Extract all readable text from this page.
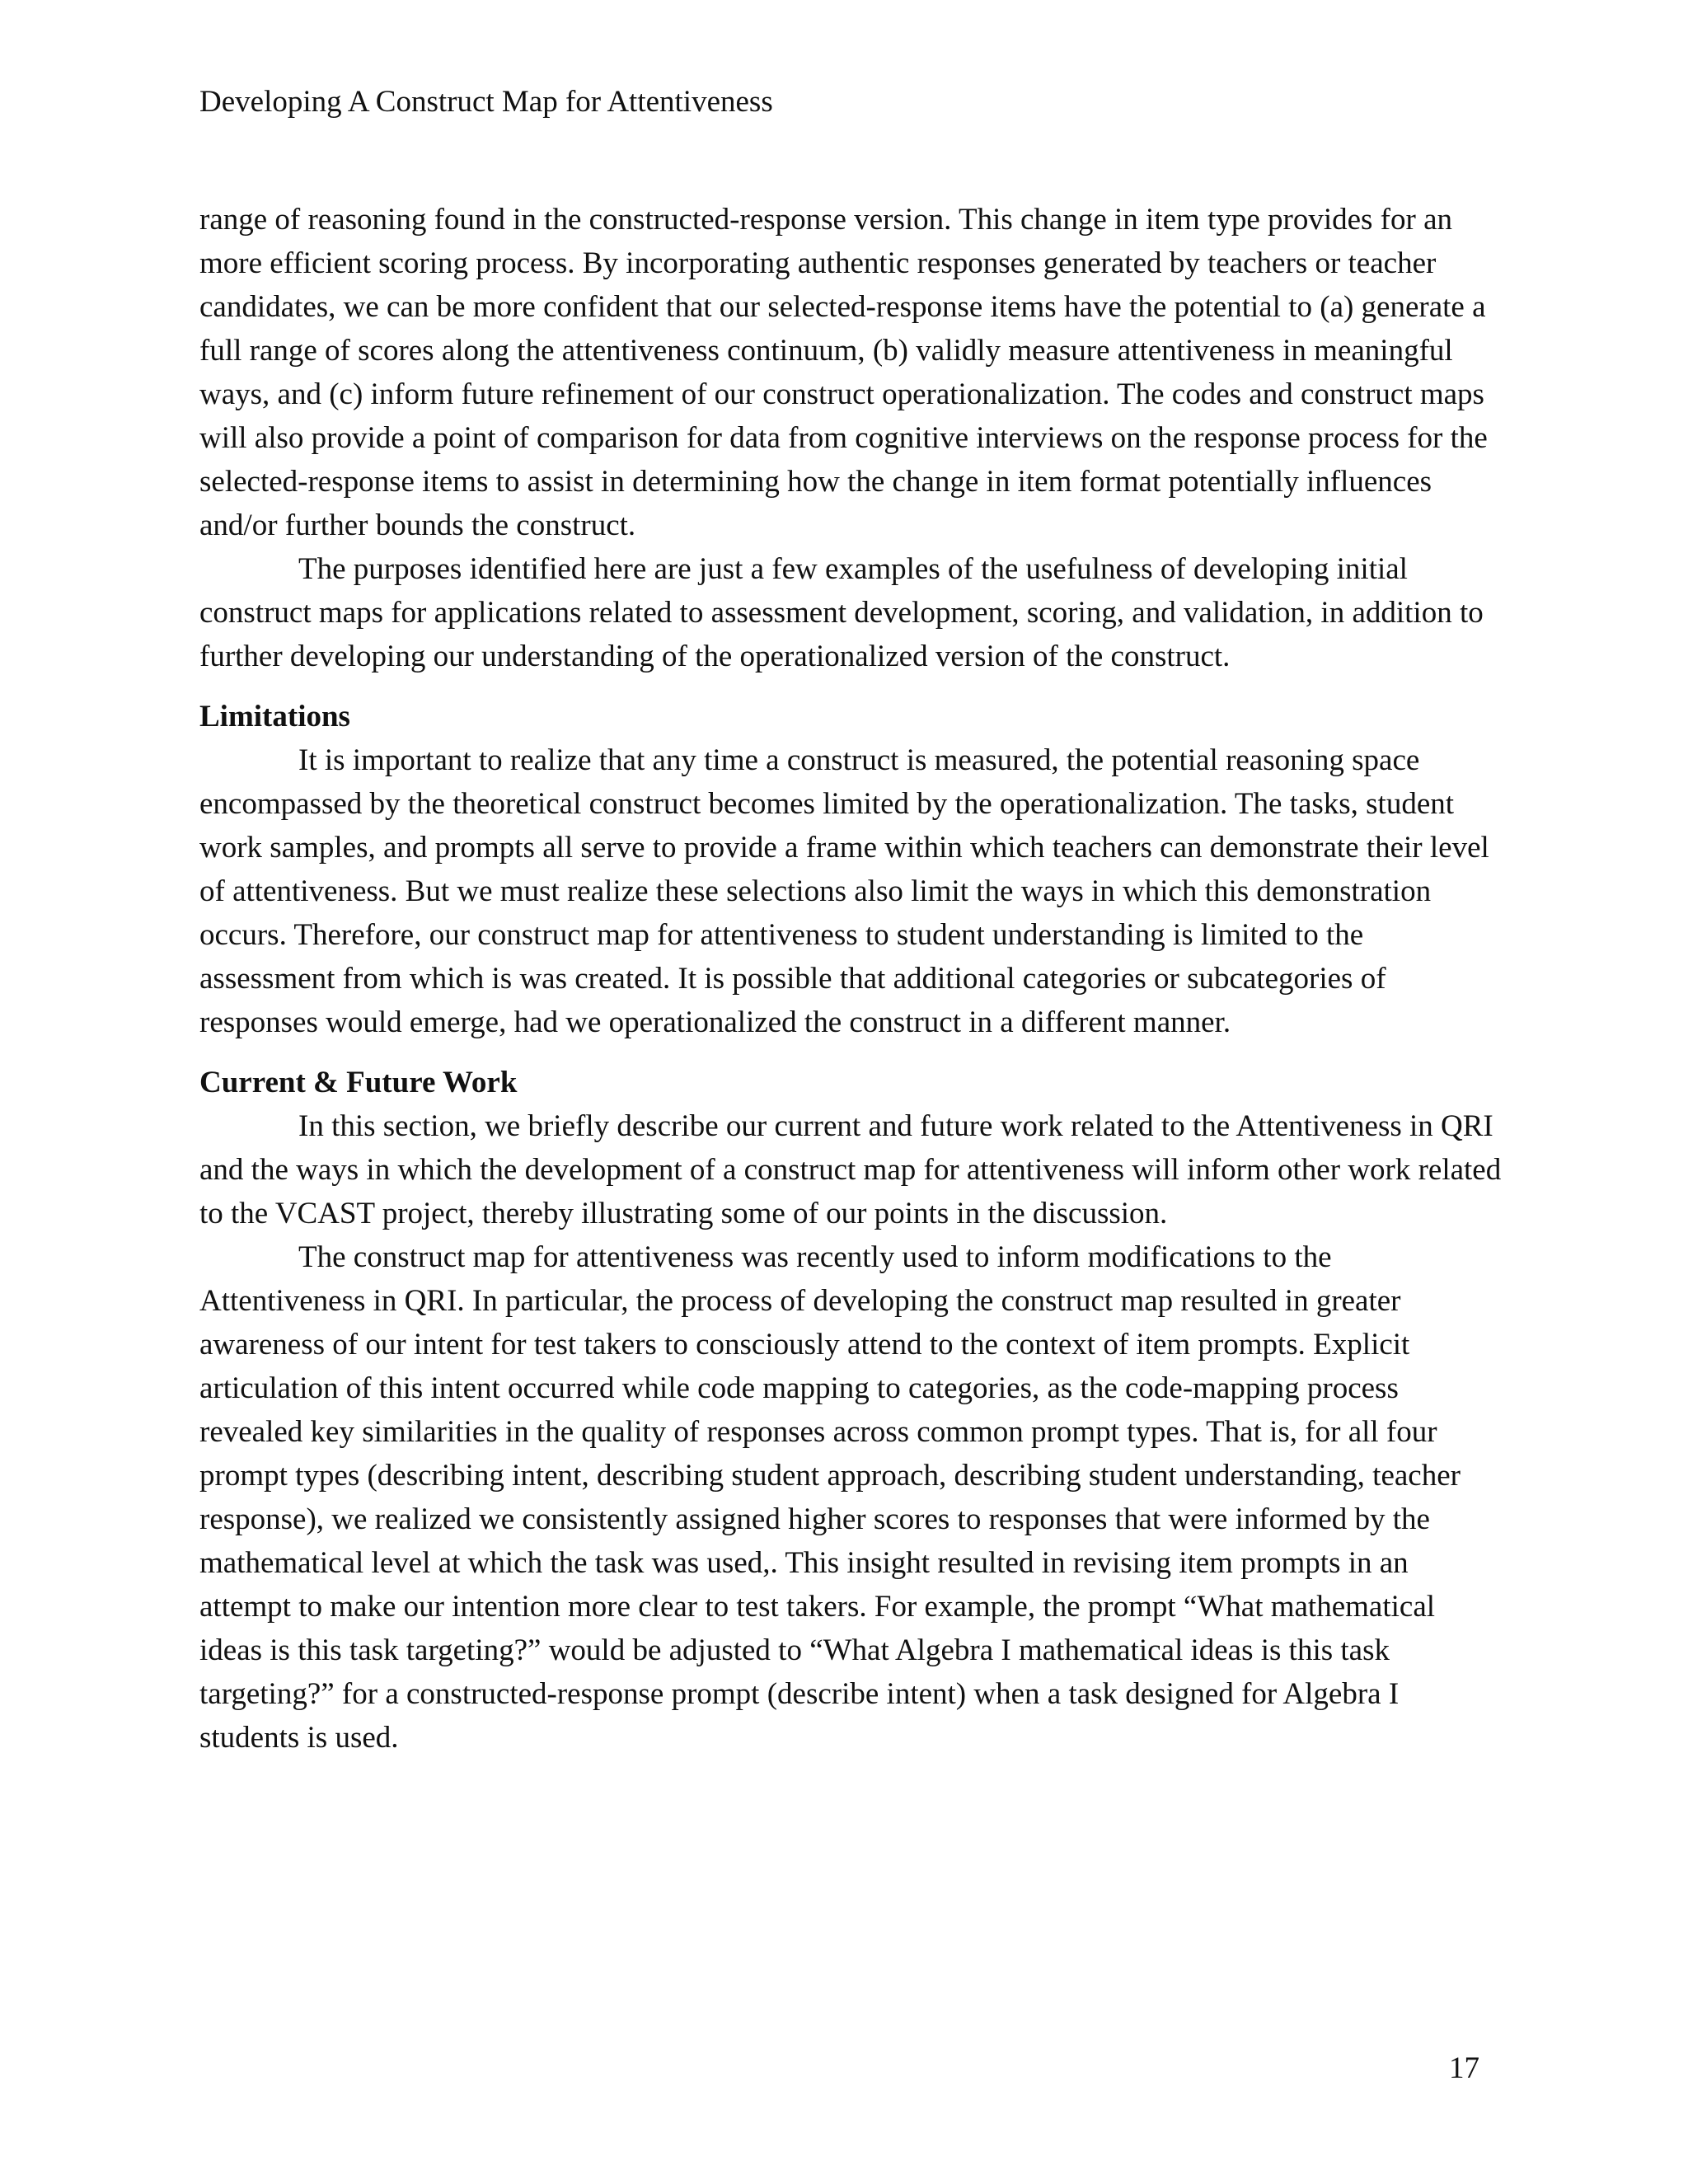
Developing A Construct Map for Attentiveness

range of reasoning found in the constructed-response version. This change in item type provides for an more efficient scoring process. By incorporating authentic responses generated by teachers or teacher candidates, we can be more confident that our selected-response items have the potential to (a) generate a full range of scores along the attentiveness continuum, (b) validly measure attentiveness in meaningful ways, and (c) inform future refinement of our construct operationalization. The codes and construct maps will also provide a point of comparison for data from cognitive interviews on the response process for the selected-response items to assist in determining how the change in item format potentially influences and/or further bounds the construct.

The purposes identified here are just a few examples of the usefulness of developing initial construct maps for applications related to assessment development, scoring, and validation, in addition to further developing our understanding of the operationalized version of the construct.

Limitations

It is important to realize that any time a construct is measured, the potential reasoning space encompassed by the theoretical construct becomes limited by the operationalization. The tasks, student work samples, and prompts all serve to provide a frame within which teachers can demonstrate their level of attentiveness. But we must realize these selections also limit the ways in which this demonstration occurs. Therefore, our construct map for attentiveness to student understanding is limited to the assessment from which is was created. It is possible that additional categories or subcategories of responses would emerge, had we operationalized the construct in a different manner.

Current & Future Work

In this section, we briefly describe our current and future work related to the Attentiveness in QRI and the ways in which the development of a construct map for attentiveness will inform other work related to the VCAST project, thereby illustrating some of our points in the discussion.

The construct map for attentiveness was recently used to inform modifications to the Attentiveness in QRI. In particular, the process of developing the construct map resulted in greater awareness of our intent for test takers to consciously attend to the context of item prompts. Explicit articulation of this intent occurred while code mapping to categories, as the code-mapping process revealed key similarities in the quality of responses across common prompt types. That is, for all four prompt types (describing intent, describing student approach, describing student understanding, teacher response), we realized we consistently assigned higher scores to responses that were informed by the mathematical level at which the task was used,. This insight resulted in revising item prompts in an attempt to make our intention more clear to test takers. For example, the prompt “What mathematical ideas is this task targeting?” would be adjusted to “What Algebra I mathematical ideas is this task targeting?” for a constructed-response prompt (describe intent) when a task designed for Algebra I students is used.

17
